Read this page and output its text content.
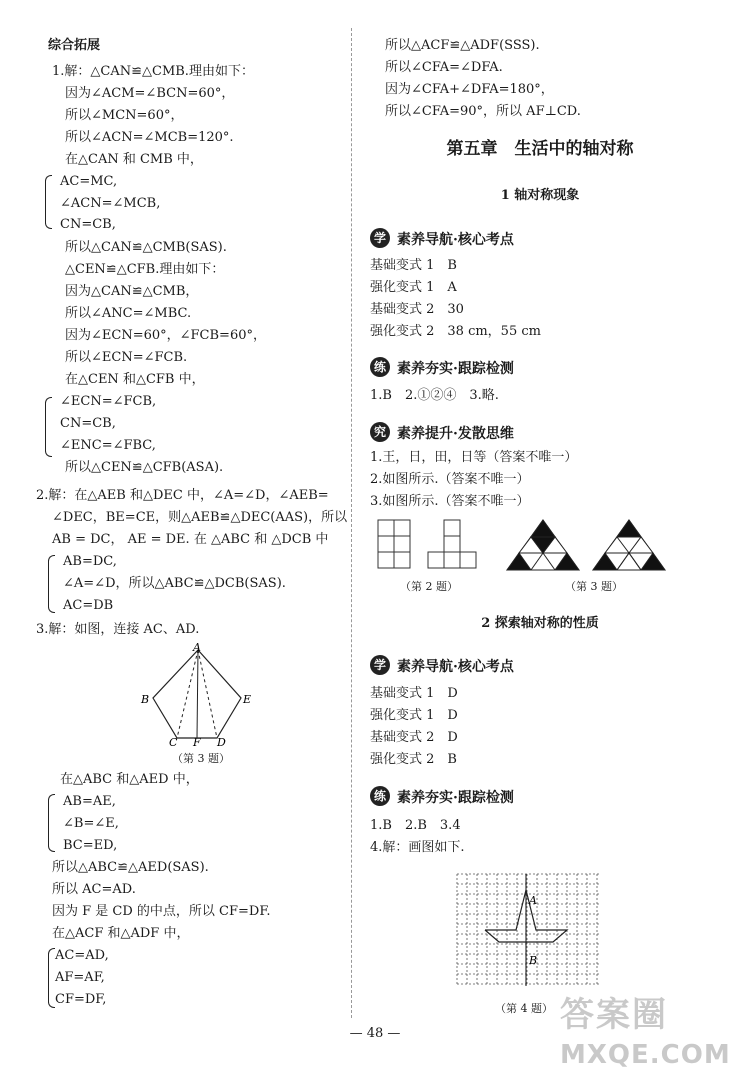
综合拓展
1.解：△CAN≌△CMB.理由如下：
因为∠ACM=∠BCN=60°，
所以∠MCN=60°，
所以∠ACN=∠MCB=120°.
在△CAN 和 CMB 中，
AC=MC,
∠ACN=∠MCB,
CN=CB,
所以△CAN≌△CMB(SAS).
△CEN≌△CFB.理由如下：
因为△CAN≌△CMB，
所以∠ANC=∠MBC.
因为∠ECN=60°，∠FCB=60°，
所以∠ECN=∠FCB.
在△CEN 和△CFB 中，
∠ECN=∠FCB,
CN=CB,
∠ENC=∠FBC,
所以△CEN≌△CFB(ASA).
2.解：在△AEB 和△DEC 中，∠A=∠D，∠AEB=
∠DEC，BE=CE，则△AEB≌△DEC(AAS)，所以
AB = DC， AE = DE. 在 △ABC 和 △DCB 中
AB=DC,
∠A=∠D，所以△ABC≌△DCB(SAS).
AC=DB
3.解：如图，连接 AC、AD.
在△ABC 和△AED 中，
AB=AE,
∠B=∠E,
BC=ED,
所以△ABC≌△AED(SAS).
所以 AC=AD.
因为 F 是 CD 的中点，所以 CF=DF.
在△ACF 和△ADF 中，
AC=AD,
AF=AF,
CF=DF,
A
B	E
C F D
（第 3 题）
所以△ACF≌△ADF(SSS).
所以∠CFA=∠DFA.
因为∠CFA+∠DFA=180°，
所以∠CFA=90°，所以 AF⊥CD.
基础变式 1　B
强化变式 1　A
基础变式 2　30
强化变式 2　38 cm，55 cm
1.B　2.①②④　3.略.
1.王，日，田，日等（答案不唯一）
2.如图所示.（答案不唯一）
3.如图所示.（答案不唯一）
基础变式 1　D
强化变式 1　D
基础变式 2　D
强化变式 2　B
1.B　2.B　3.4
4.解：画图如下.
第五章　生活中的轴对称
1 轴对称现象
学 素养导航·核心考点
练 素养夯实·跟踪检测
究 素养提升·发散思维
（第 2 题）	（第 3 题）
2 探索轴对称的性质
学 素养导航·核心考点
练 素养夯实·跟踪检测
A
B
（第 4 题）
— 48 —	答案圈
MXQE.COM
